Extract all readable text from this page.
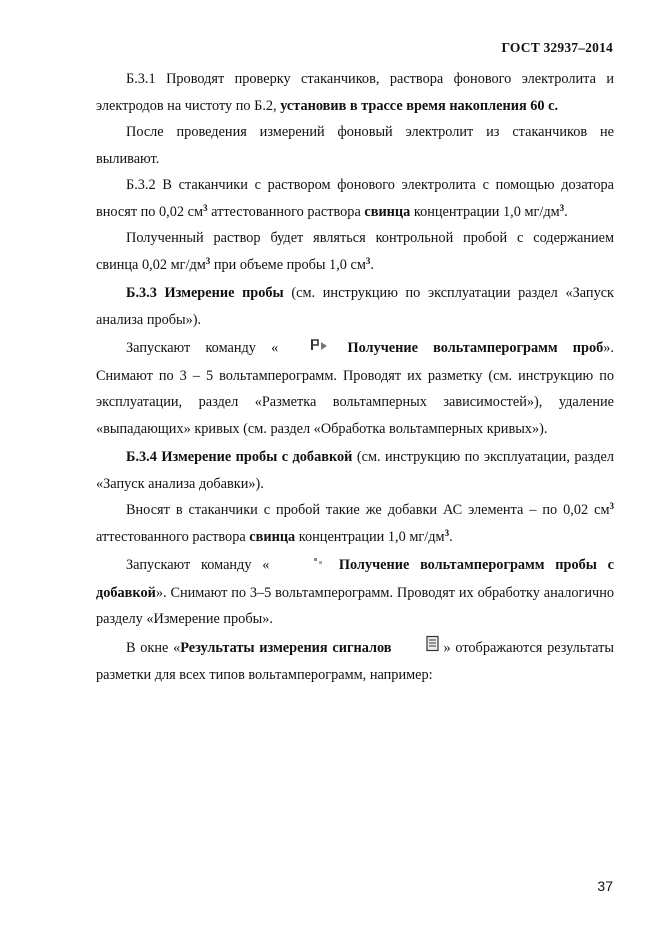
ГОСТ 32937–2014

Б.3.1 Проводят проверку стаканчиков, раствора фонового электролита и электродов на чистоту по Б.2, установив в трассе время накопления 60 с.

После проведения измерений фоновый электролит из стаканчиков не выливают.

Б.3.2 В стаканчики с раствором фонового электролита с помощью дозатора вносят по 0,02 $см^3$ аттестованного раствора свинца концентрации 1,0 $мг/дм^3$.

Полученный раствор будет являться контрольной пробой с содержанием свинца 0,02 $мг/дм^3$ при объеме пробы 1,0 $см^3$.

Б.3.3 Измерение пробы (см. инструкцию по эксплуатации раздел «Запуск анализа пробы»).

Запускают команду «	Получение вольтамперограмм проб». Снимают по 3 – 5 вольтамперограмм. Проводят их разметку (см. инструкцию по эксплуатации, раздел «Разметка вольтамперных зависимостей»), удаление «выпадающих» кривых (см. раздел «Обработка вольтамперных кривых»).

Б.3.4 Измерение пробы с добавкой (см. инструкцию по эксплуатации, раздел «Запуск анализа добавки»).

Вносят в стаканчики с пробой такие же добавки АС элемента – по 0,02 $см^3$ аттестованного раствора свинца концентрации 1,0 $мг/дм^3$.

Запускают команду «	Получение вольтамперограмм пробы с добавкой». Снимают по 3–5 вольтамперограмм. Проводят их обработку аналогично разделу «Измерение пробы».

В окне «Результаты измерения сигналов	» отображаются результаты разметки для всех типов вольтамперограмм, например:

37
